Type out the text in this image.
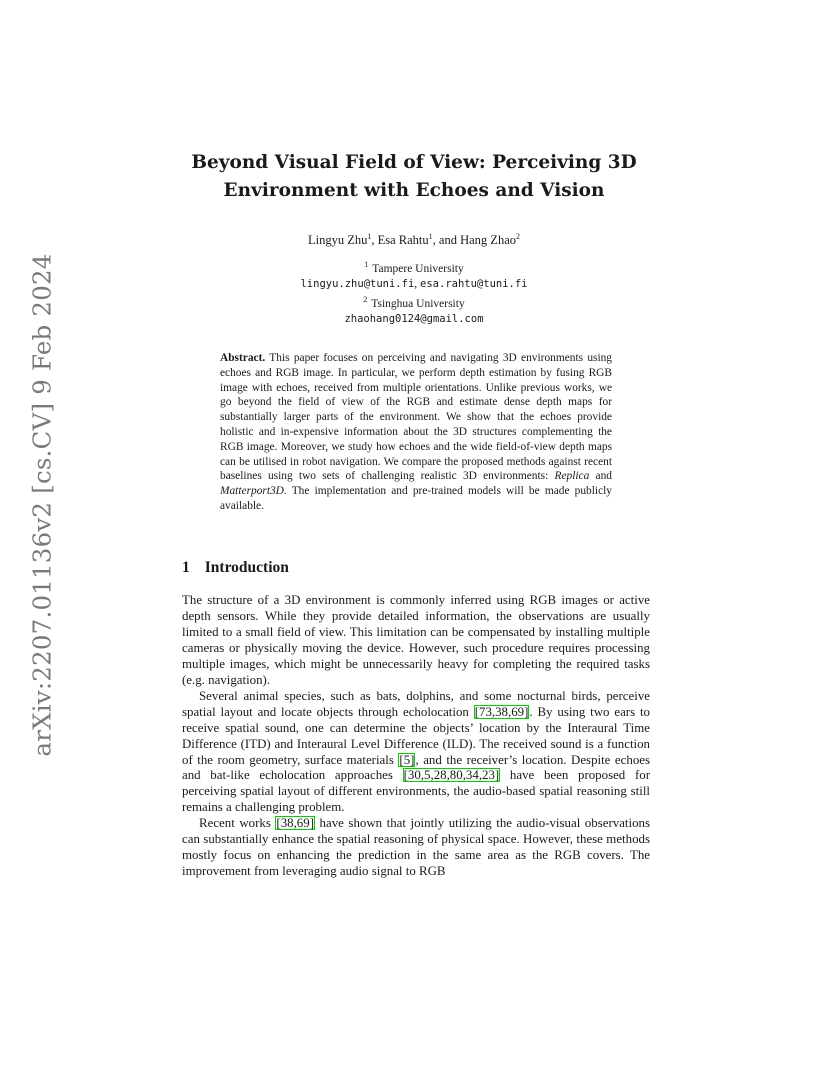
arXiv:2207.01136v2 [cs.CV] 9 Feb 2024
Beyond Visual Field of View: Perceiving 3D
Environment with Echoes and Vision
Lingyu Zhu$^1$, Esa Rahtu$^1$, and Hang Zhao$^2$
$^1$ Tampere University
lingyu.zhu@tuni.fi, esa.rahtu@tuni.fi
$^2$ Tsinghua University
zhaohang0124@gmail.com
Abstract. This paper focuses on perceiving and navigating 3D environments using echoes and RGB image. In particular, we perform depth estimation by fusing RGB image with echoes, received from multiple orientations. Unlike previous works, we go beyond the field of view of the RGB and estimate dense depth maps for substantially larger parts of the environment. We show that the echoes provide holistic and in-expensive information about the 3D structures complementing the RGB image. Moreover, we study how echoes and the wide field-of-view depth maps can be utilised in robot navigation. We compare the proposed methods against recent baselines using two sets of challenging realistic 3D environments: Replica and Matterport3D. The implementation and pre-trained models will be made publicly available.
1 Introduction

The structure of a 3D environment is commonly inferred using RGB images or active depth sensors. While they provide detailed information, the observations are usually limited to a small field of view. This limitation can be compensated by installing multiple cameras or physically moving the device. However, such procedure requires processing multiple images, which might be unnecessarily heavy for completing the required tasks (e.g. navigation).

Several animal species, such as bats, dolphins, and some nocturnal birds, perceive spatial layout and locate objects through echolocation [73,38,69]. By using two ears to receive spatial sound, one can determine the objects’ location by the Interaural Time Difference (ITD) and Interaural Level Difference (ILD). The received sound is a function of the room geometry, surface materials [5], and the receiver’s location. Despite echoes and bat-like echolocation approaches [30,5,28,80,34,23] have been proposed for perceiving spatial layout of different environments, the audio-based spatial reasoning still remains a challenging problem.

Recent works [38,69] have shown that jointly utilizing the audio-visual observations can substantially enhance the spatial reasoning of physical space. However, these methods mostly focus on enhancing the prediction in the same area as the RGB covers. The improvement from leveraging audio signal to RGB
